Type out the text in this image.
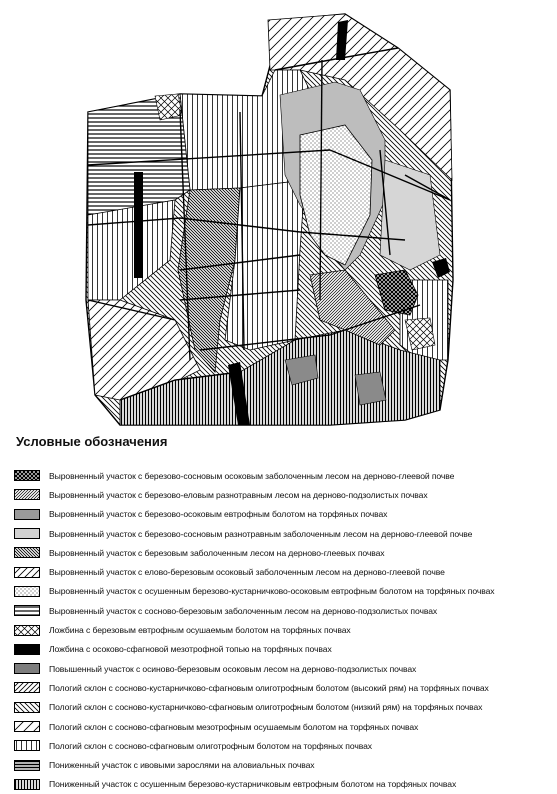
Условные обозначения
Выровненный участок с березово-сосновым осоковым заболоченным лесом на дерново-глеевой почве
Выровненный участок с березово-еловым разнотравным лесом на дерново-подзолистых почвах
Выровненный участок с березово-осоковым евтрофным болотом на торфяных почвах
Выровненный участок с березово-сосновым разнотравным заболоченным лесом на дерново-глеевой почве
Выровненный участок с березовым заболоченным лесом на дерново-глеевых почвах
Выровненный участок с елово-березовым осоковый заболоченным лесом на дерново-глеевой почве
Выровненный участок с осушенным березово-кустарничково-осоковым евтрофным болотом на торфяных почвах
Выровненный участок с сосново-березовым заболоченным лесом на дерново-подзолистых почвах
Ложбина с березовым евтрофным осушаемым болотом на торфяных почвах
Ложбина с осоково-сфагновой мезотрофной топью на торфяных почвах
Повышенный участок с осиново-березовым осоковым лесом на дерново-подзолистых почвах
Пологий склон с сосново-кустарничково-сфагновым олиготрофным болотом (высокий рям) на торфяных почвах
Пологий склон с сосново-кустарничково-сфагновым олиготрофным болотом (низкий рям) на торфяных почвах
Пологий склон с сосново-сфагновым мезотрофным осушаемым болотом на торфяных почвах
Пологий склон с сосново-сфагновым олиготрофным болотом на торфяных почвах
Пониженный участок с ивовыми зарослями на аловиальных почвах
Пониженный участок с осушенным березово-кустарничковым евтрофным болотом на торфяных почвах
